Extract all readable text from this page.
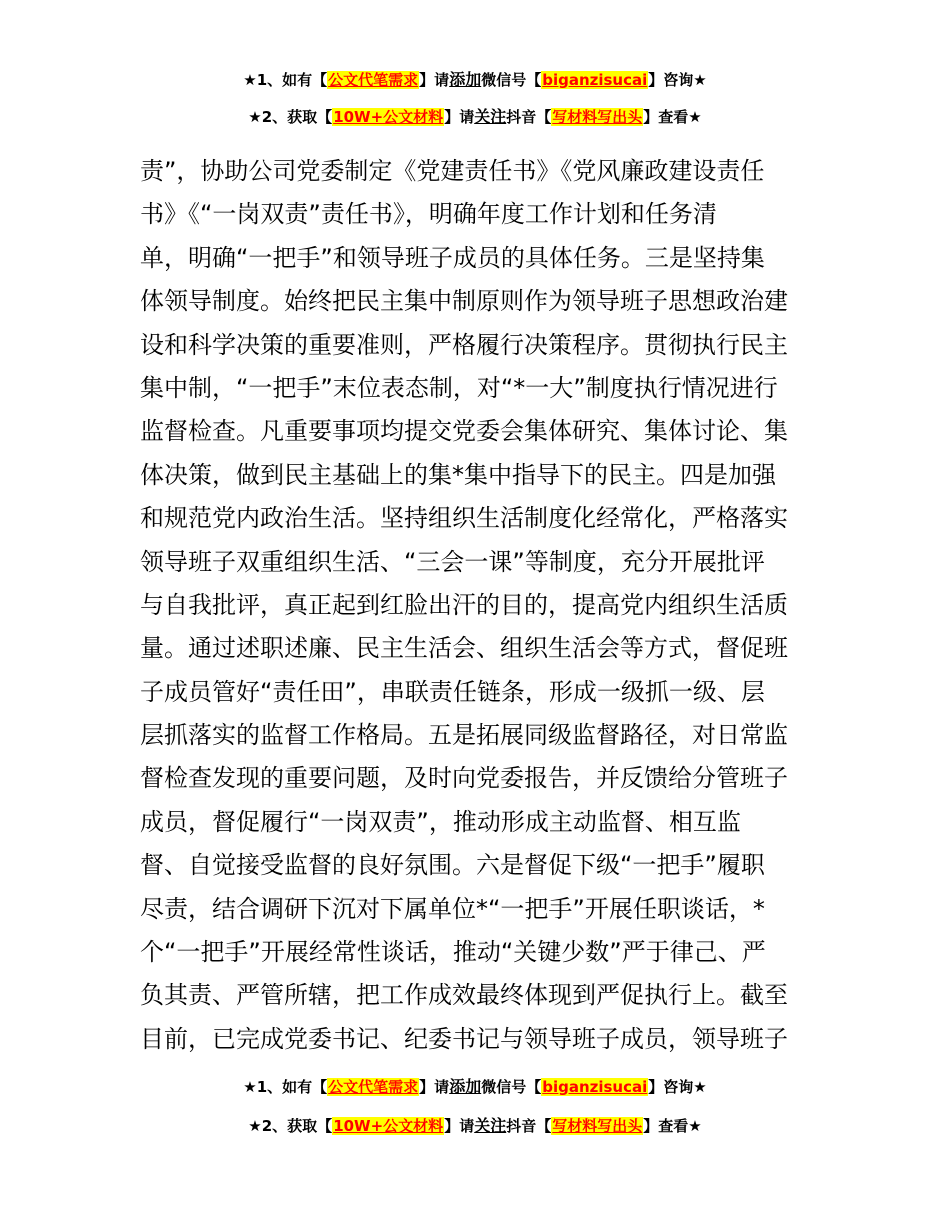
★1、如有【公文代笔需求】请添加微信号【biganzisucai】咨询★
★2、获取【10W+公文材料】请关注抖音【写材料写出头】查看★
责”，协助公司党委制定《党建责任书》《党风廉政建设责任
书》《“一岗双责”责任书》，明确年度工作计划和任务清
单，明确“一把手”和领导班子成员的具体任务。三是坚持集
体领导制度。始终把民主集中制原则作为领导班子思想政治建
设和科学决策的重要准则，严格履行决策程序。贯彻执行民主
集中制，“一把手”末位表态制，对“*一大”制度执行情况进行
监督检查。凡重要事项均提交党委会集体研究、集体讨论、集
体决策，做到民主基础上的集*集中指导下的民主。四是加强
和规范党内政治生活。坚持组织生活制度化经常化，严格落实
领导班子双重组织生活、“三会一课”等制度，充分开展批评
与自我批评，真正起到红脸出汗的目的，提高党内组织生活质
量。通过述职述廉、民主生活会、组织生活会等方式，督促班
子成员管好“责任田”，串联责任链条，形成一级抓一级、层
层抓落实的监督工作格局。五是拓展同级监督路径，对日常监
督检查发现的重要问题，及时向党委报告，并反馈给分管班子
成员，督促履行“一岗双责”，推动形成主动监督、相互监
督、自觉接受监督的良好氛围。六是督促下级“一把手”履职
尽责，结合调研下沉对下属单位*“一把手”开展任职谈话，*
个“一把手”开展经常性谈话，推动“关键少数”严于律己、严
负其责、严管所辖，把工作成效最终体现到严促执行上。截至
目前，已完成党委书记、纪委书记与领导班子成员，领导班子
★1、如有【公文代笔需求】请添加微信号【biganzisucai】咨询★
★2、获取【10W+公文材料】请关注抖音【写材料写出头】查看★
